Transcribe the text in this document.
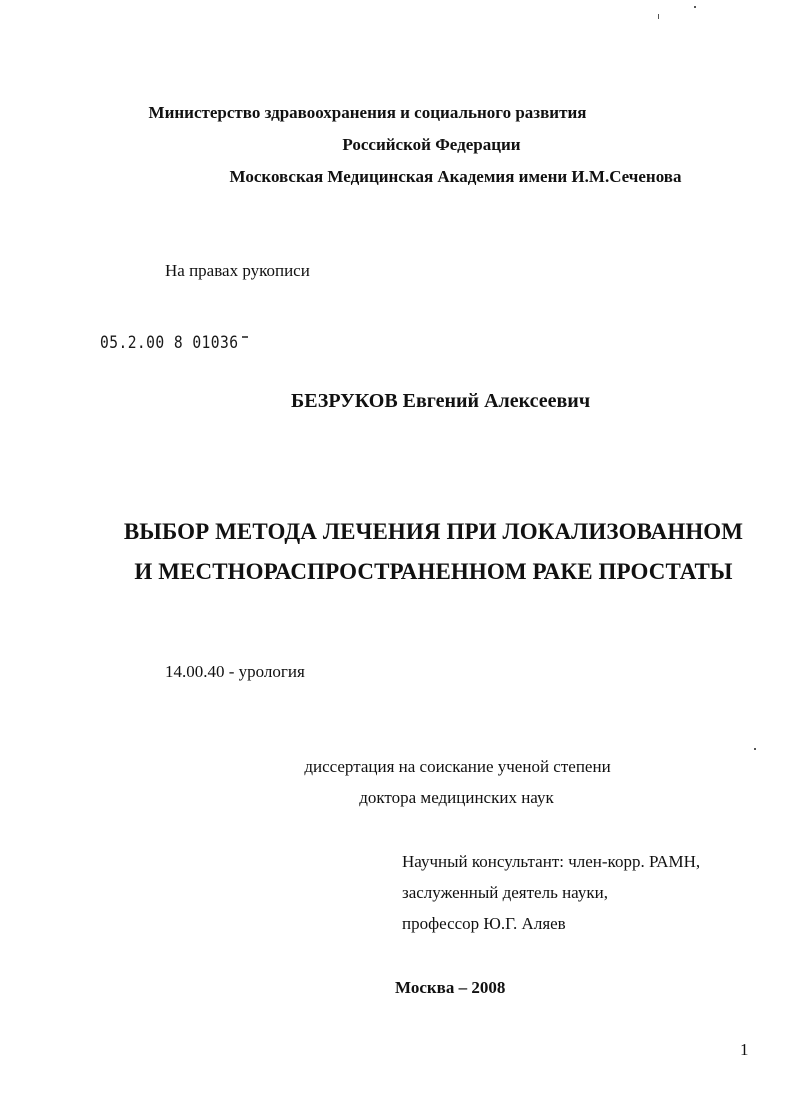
Министерство здравоохранения и социального развития

Российской Федерации

Московская Медицинская Академия имени И.М.Сеченова

На правах рукописи

05.2.00 8 01036

БЕЗРУКОВ Евгений Алексеевич

ВЫБОР МЕТОДА ЛЕЧЕНИЯ ПРИ ЛОКАЛИЗОВАННОМ

И МЕСТНОРАСПРОСТРАНЕННОМ РАКЕ ПРОСТАТЫ

14.00.40 - урология

диссертация на соискание ученой степени

доктора медицинских наук

Научный консультант: член-корр. РАМН,

заслуженный деятель науки,

профессор Ю.Г. Аляев

Москва – 2008

1
